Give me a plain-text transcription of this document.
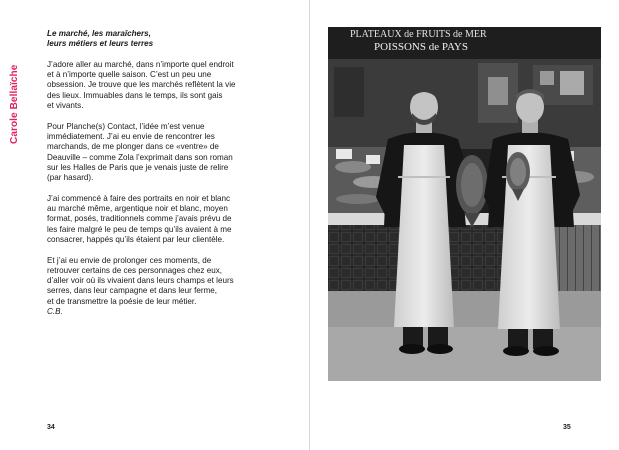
Carole Bellaïche

Le marché, les maraîchers,
leurs métiers et leurs terres

J’adore aller au marché, dans n’importe quel endroit
et à n’importe quelle saison. C’est un peu une
obsession. Je trouve que les marchés reflètent la vie
des lieux. Immuables dans le temps, ils sont gais
et vivants.

Pour Planche(s) Contact, l’idée m’est venue
immédiatement. J’ai eu envie de rencontrer les
marchands, de me plonger dans ce «ventre» de
Deauville – comme Zola l’exprimait dans son roman
sur les Halles de Paris que je venais juste de relire
(par hasard).

J’ai commencé à faire des portraits en noir et blanc
au marché même, argentique noir et blanc, moyen
format, posés, traditionnels comme j’avais prévu de
les faire malgré le peu de temps qu’ils avaient à me
consacrer, happés qu’ils étaient par leur clientèle.

Et j’ai eu envie de prolonger ces moments, de
retrouver certains de ces personnages chez eux,
d’aller voir où ils vivaient dans leurs champs et leurs
serres, dans leur campagne et dans leur ferme,
et de transmettre la poésie de leur métier.

C.B.

34
PLATEAUX de FRUITS de MER
POISSONS de PAYS
35
